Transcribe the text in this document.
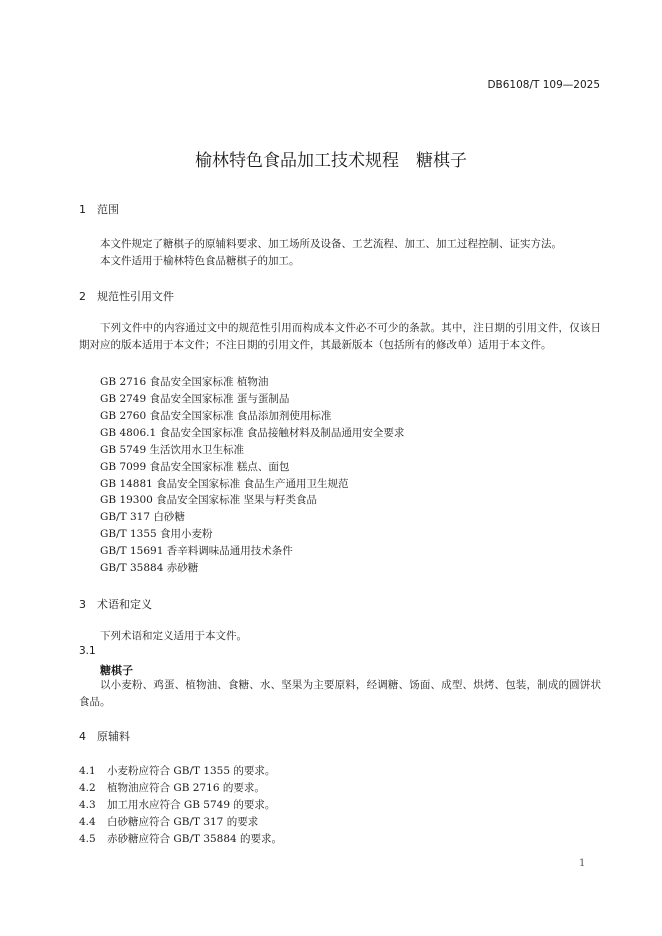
DB6108/T 109—2025
榆林特色食品加工技术规程　糖棋子
1 范围
本文件规定了糖棋子的原辅料要求、加工场所及设备、工艺流程、加工、加工过程控制、证实方法。
本文件适用于榆林特色食品糖棋子的加工。
2 规范性引用文件
下列文件中的内容通过文中的规范性引用而构成本文件必不可少的条款。其中，注日期的引用文件，仅该日期对应的版本适用于本文件；不注日期的引用文件，其最新版本（包括所有的修改单）适用于本文件。
GB 2716 食品安全国家标准 植物油
GB 2749 食品安全国家标准 蛋与蛋制品
GB 2760 食品安全国家标准 食品添加剂使用标准
GB 4806.1 食品安全国家标准 食品接触材料及制品通用安全要求
GB 5749 生活饮用水卫生标准
GB 7099 食品安全国家标准 糕点、面包
GB 14881 食品安全国家标准 食品生产通用卫生规范
GB 19300 食品安全国家标准 坚果与籽类食品
GB/T 317 白砂糖
GB/T 1355 食用小麦粉
GB/T 15691 香辛料调味品通用技术条件
GB/T 35884 赤砂糖
3 术语和定义
下列术语和定义适用于本文件。
3.1
糖棋子
以小麦粉、鸡蛋、植物油、食糖、水、坚果为主要原料，经调糖、饧面、成型、烘烤、包装，制成的圆饼状食品。
4 原辅料
4.1 小麦粉应符合 GB/T 1355 的要求。
4.2 植物油应符合 GB 2716 的要求。
4.3 加工用水应符合 GB 5749 的要求。
4.4 白砂糖应符合 GB/T 317 的要求
4.5 赤砂糖应符合 GB/T 35884 的要求。
1
